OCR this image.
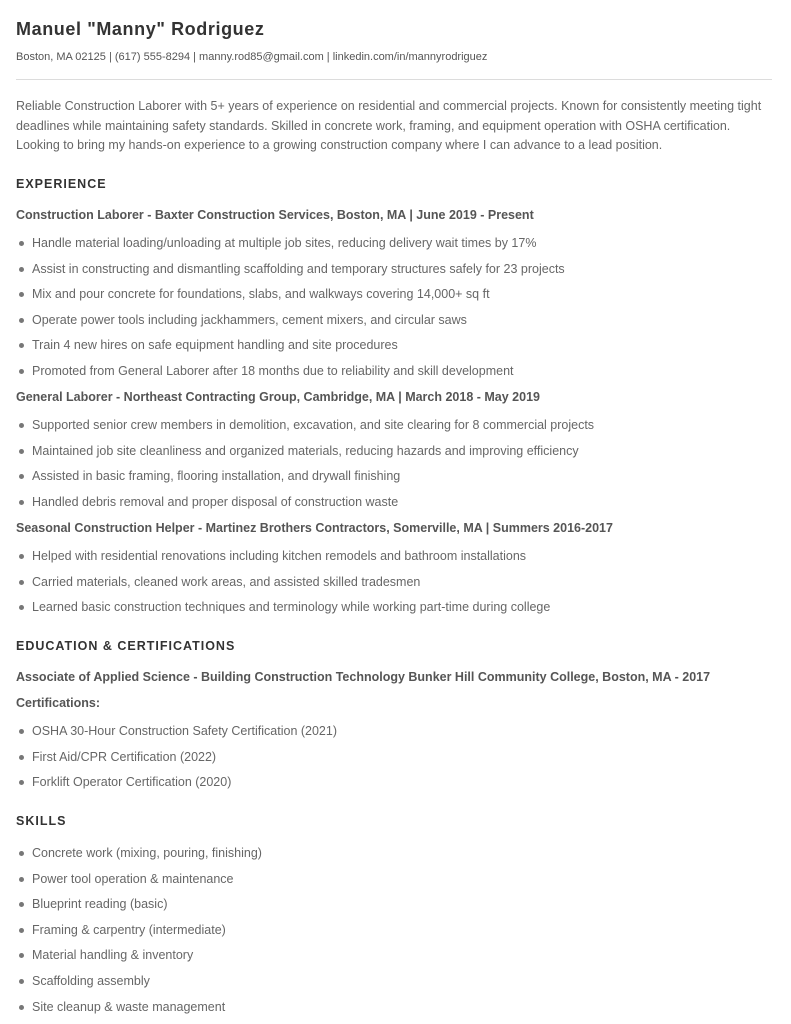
Manuel "Manny" Rodriguez
Boston, MA 02125 | (617) 555-8294 | manny.rod85@gmail.com | linkedin.com/in/mannyrodriguez

Reliable Construction Laborer with 5+ years of experience on residential and commercial projects. Known for consistently meeting tight deadlines while maintaining safety standards. Skilled in concrete work, framing, and equipment operation with OSHA certification. Looking to bring my hands-on experience to a growing construction company where I can advance to a lead position.

EXPERIENCE
Construction Laborer - Baxter Construction Services, Boston, MA | June 2019 - Present
Handle material loading/unloading at multiple job sites, reducing delivery wait times by 17%
Assist in constructing and dismantling scaffolding and temporary structures safely for 23 projects
Mix and pour concrete for foundations, slabs, and walkways covering 14,000+ sq ft
Operate power tools including jackhammers, cement mixers, and circular saws
Train 4 new hires on safe equipment handling and site procedures
Promoted from General Laborer after 18 months due to reliability and skill development
General Laborer - Northeast Contracting Group, Cambridge, MA | March 2018 - May 2019
Supported senior crew members in demolition, excavation, and site clearing for 8 commercial projects
Maintained job site cleanliness and organized materials, reducing hazards and improving efficiency
Assisted in basic framing, flooring installation, and drywall finishing
Handled debris removal and proper disposal of construction waste
Seasonal Construction Helper - Martinez Brothers Contractors, Somerville, MA | Summers 2016-2017
Helped with residential renovations including kitchen remodels and bathroom installations
Carried materials, cleaned work areas, and assisted skilled tradesmen
Learned basic construction techniques and terminology while working part-time during college
EDUCATION & CERTIFICATIONS
Associate of Applied Science - Building Construction Technology Bunker Hill Community College, Boston, MA - 2017
Certifications:
OSHA 30-Hour Construction Safety Certification (2021)
First Aid/CPR Certification (2022)
Forklift Operator Certification (2020)
SKILLS
Concrete work (mixing, pouring, finishing)
Power tool operation & maintenance
Blueprint reading (basic)
Framing & carpentry (intermediate)
Material handling & inventory
Scaffolding assembly
Site cleanup & waste management
